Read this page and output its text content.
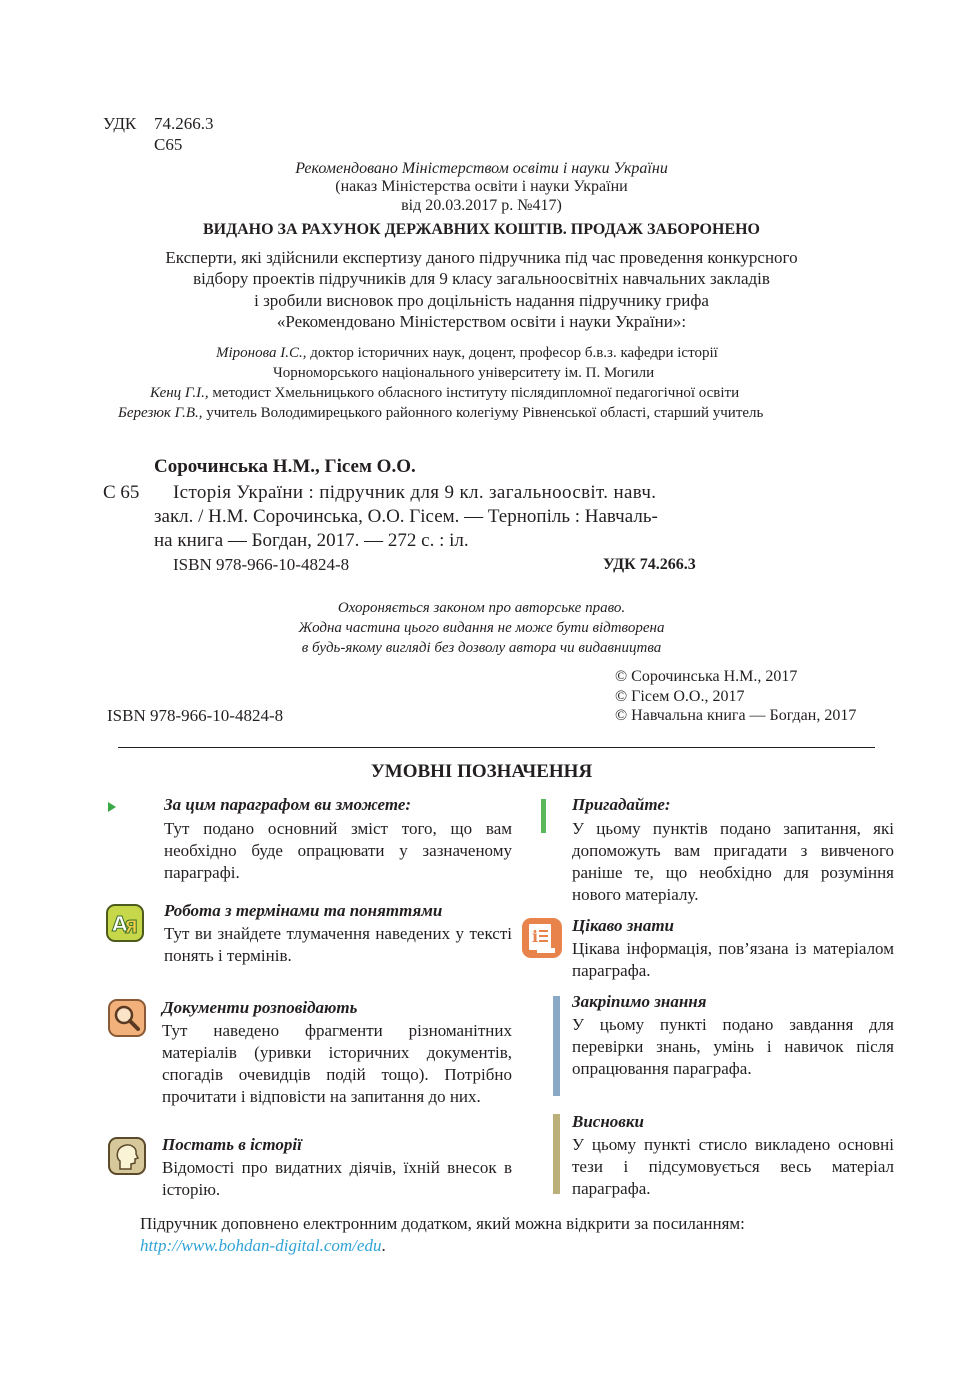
УДК 74.266.3
С65
Рекомендовано Міністерством освіти і науки України
(наказ Міністерства освіти і науки України
від 20.03.2017 р. №417)
ВИДАНО ЗА РАХУНОК ДЕРЖАВНИХ КОШТІВ. ПРОДАЖ ЗАБОРОНЕНО
Експерти, які здійснили експертизу даного підручника під час проведення конкурсного
відбору проектів підручників для 9 класу загальноосвітніх навчальних закладів
і зробили висновок про доцільність надання підручнику грифа
«Рекомендовано Міністерством освіти і науки України»:
Міронова І.С., доктор історичних наук, доцент, професор б.в.з. кафедри історії
Чорноморського національного університету ім. П. Могили
Кенц Г.І., методист Хмельницького обласного інституту післядипломної педагогічної освіти
Березюк Г.В., учитель Володимирецького районного колегіуму Рівненської області, старший учитель
Сорочинська Н.М., Гісем О.О.
С 65 Історія України : підручник для 9 кл. загальноосвіт. навч.
закл. / Н.М. Сорочинська, О.О. Гісем. — Тернопіль : Навчаль-
на книга — Богдан, 2017. — 272 с. : іл.
ISBN 978-966-10-4824-8	УДК 74.266.3
Охороняється законом про авторське право.
Жодна частина цього видання не може бути відтворена
в будь-якому вигляді без дозволу автора чи видавництва
© Сорочинська Н.М., 2017
© Гісем О.О., 2017
© Навчальна книга — Богдан, 2017
ISBN 978-966-10-4824-8
УМОВНІ ПОЗНАЧЕННЯ
За цим параграфом ви зможете:
Тут подано основний зміст того, що вам необхідно буде опрацювати у зазначеному параграфі.
А
Я
Робота з термінами та поняттями
Тут ви знайдете тлумачення наведених у тексті понять і термінів.
Документи розповідають
Тут наведено фрагменти різноманітних матеріалів (уривки історичних документів, спогадів очевидців подій тощо). Потрібно прочитати і відповісти на запитання до них.
Постать в історії
Відомості про видатних діячів, їхній внесок в історію.
Пригадайте:
У цьому пунктів подано запитання, які допоможуть вам пригадати з вивченого раніше те, що необхідно для розуміння нового матеріалу.
i
Цікаво знати
Цікава інформація, пов’язана із матеріалом параграфа.
Закріпимо знання
У цьому пункті подано завдання для перевірки знань, умінь і навичок після опрацювання параграфа.
Висновки
У цьому пункті стисло викладено основні тези і підсумовується весь матеріал параграфа.
Підручник доповнено електронним додатком, який можна відкрити за посиланням:
http://www.bohdan-digital.com/edu.
